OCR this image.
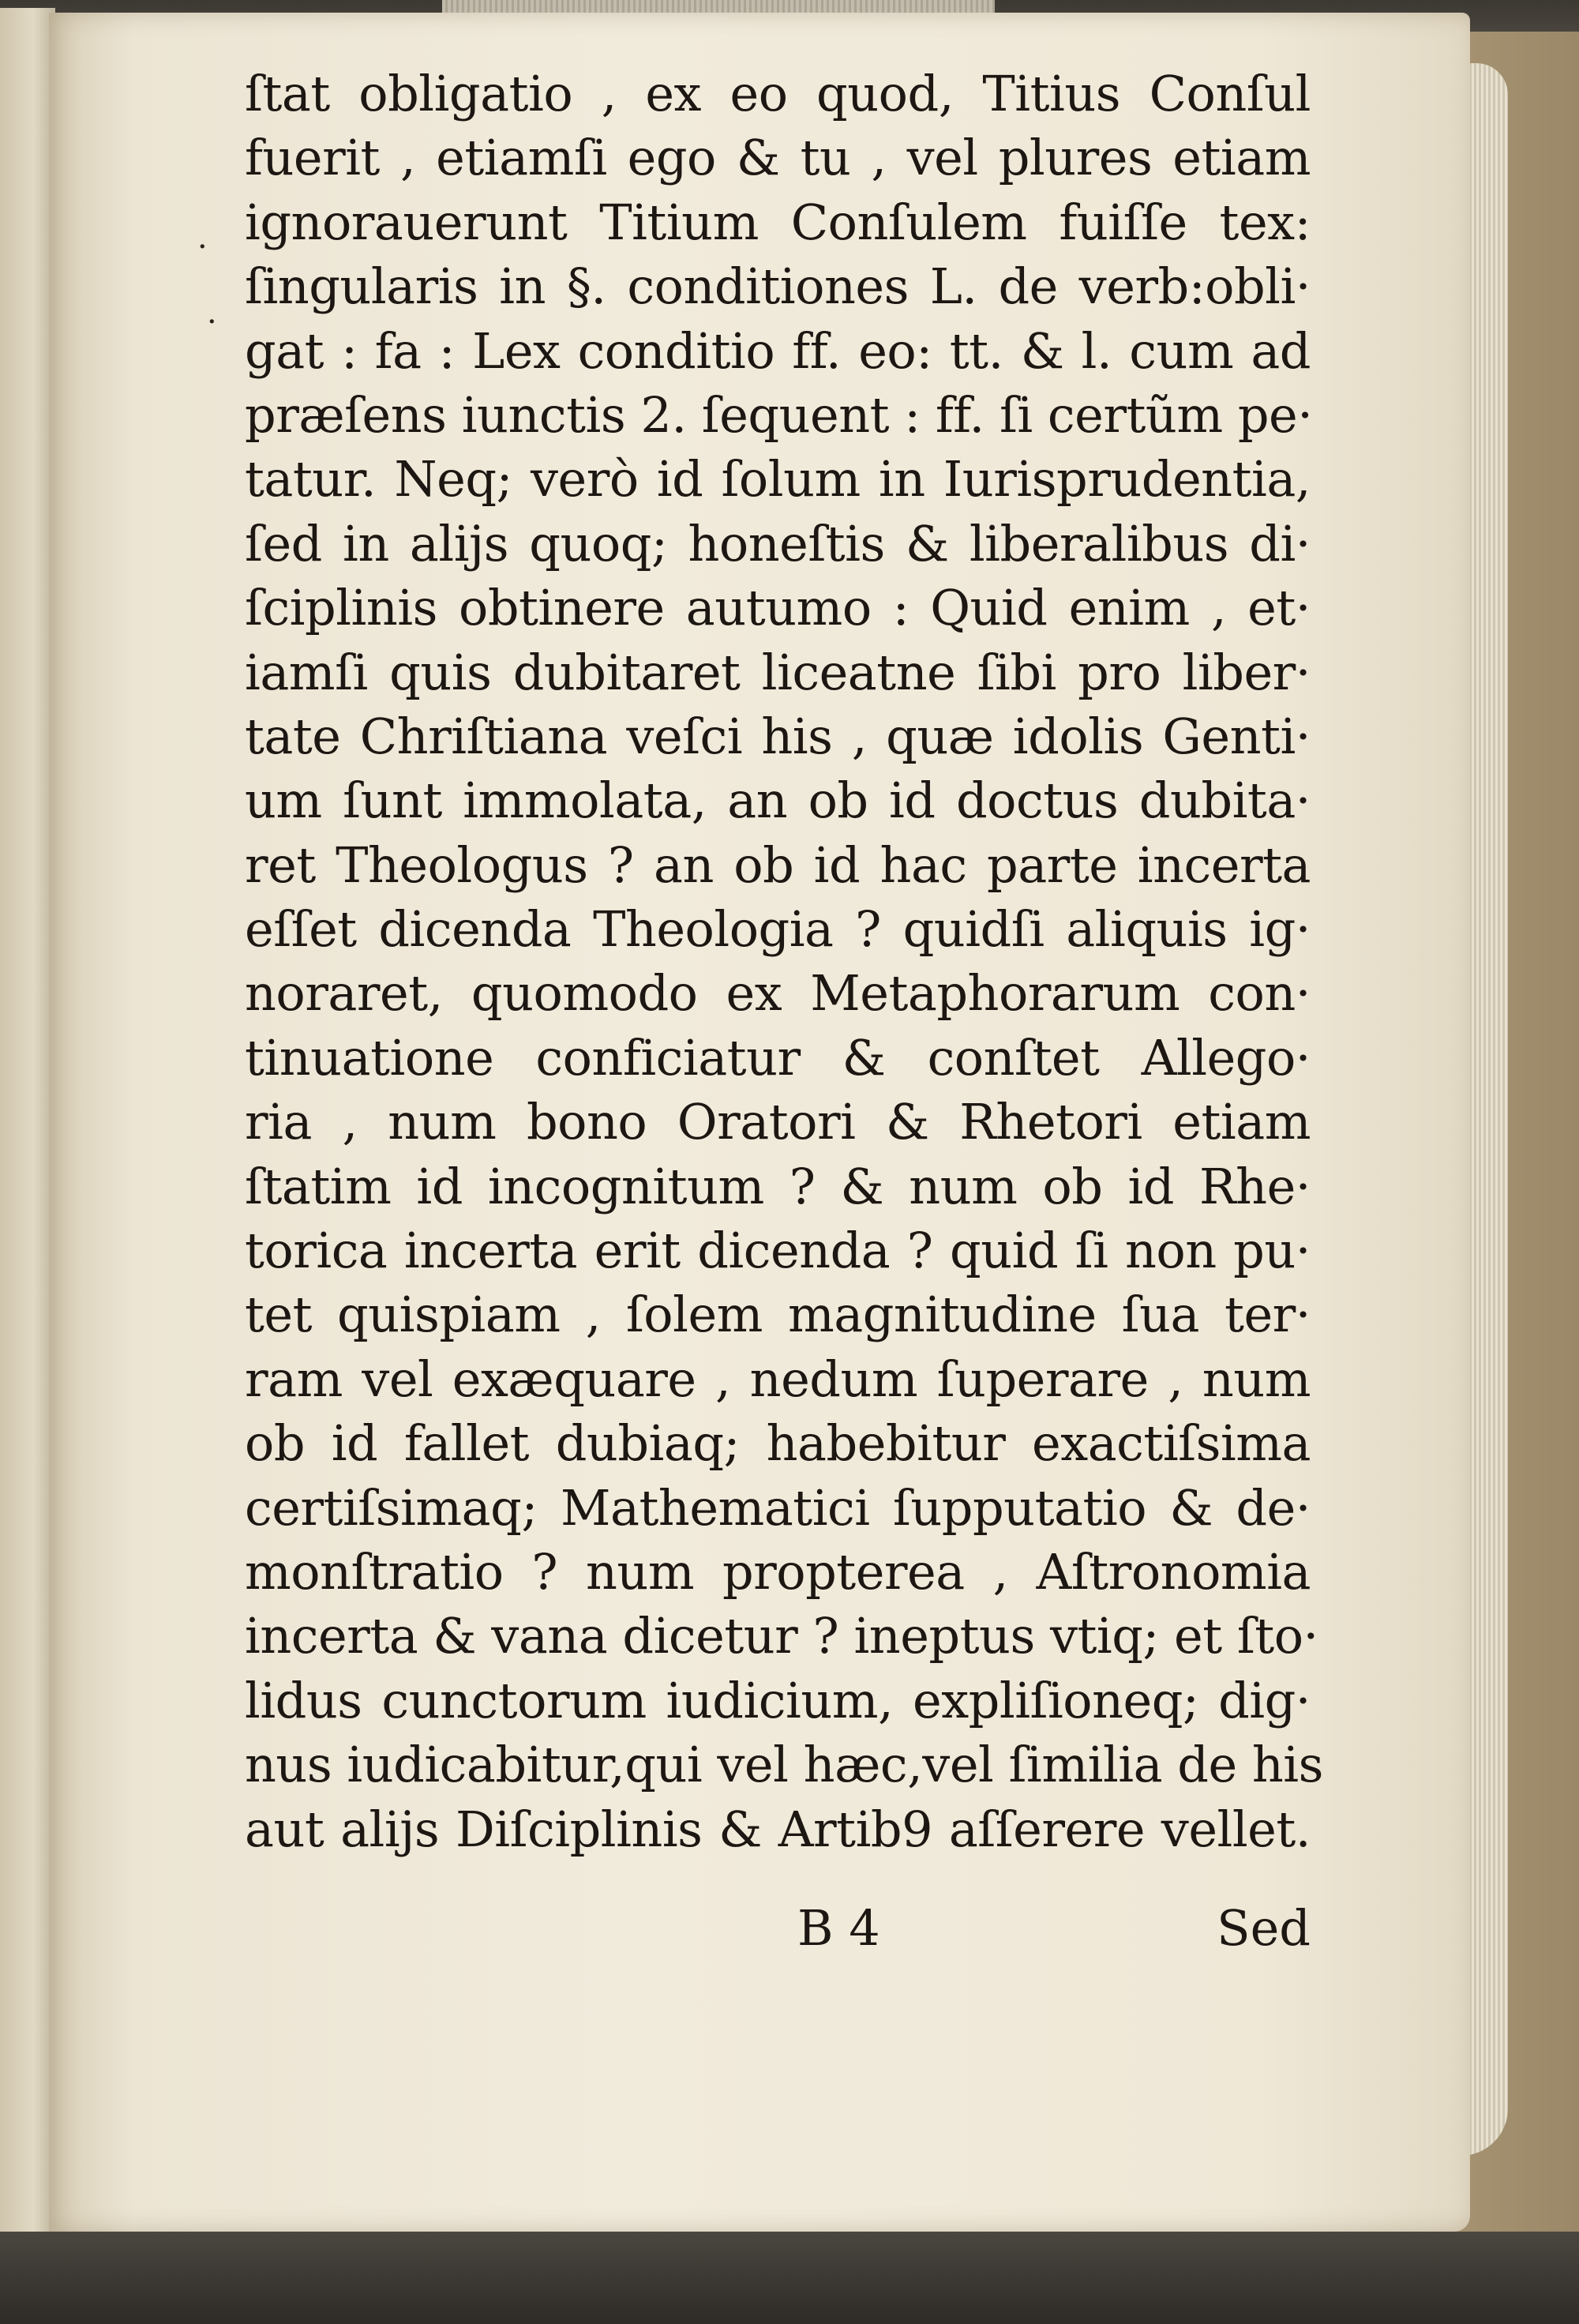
·
·
ſtat obligatio , ex eo quod, Titius Conſul
fuerit , etiamſi ego & tu , vel plures etiam
ignorauerunt Titium Conſulem fuiſſe tex:
ſingularis in §. conditiones L. de verb:obli·
gat : fa : Lex conditio ff. eo: tt. & l. cum ad
præſens iunctis 2. ſequent : ff. ſi certũm pe·
tatur. Neq; verò id ſolum in Iurisprudentia,
ſed in aliјs quoq; honeſtis & liberalibus di·
ſciplinis obtinere autumo : Quid enim , et·
iamſi quis dubitaret liceatne ſibi pro liber·
tate Chriſtiana veſci his , quæ idolis Genti·
um ſunt immolata, an ob id doctus dubita·
ret Theologus ? an ob id hac parte incerta
eſſet dicenda Theologia ? quidſi aliquis ig·
noraret, quomodo ex Metaphorarum con·
tinuatione conficiatur & conſtet Allego·
ria , num bono Oratori & Rhetori etiam
ſtatim id incognitum ? & num ob id Rhe·
torica incerta erit dicenda ? quid ſi non pu·
tet quispiam , ſolem magnitudine ſua ter·
ram vel exæquare , nedum ſuperare , num
ob id fallet dubiaq; habebitur exactiſsima
certiſsimaq; Mathematici ſupputatio & de·
monſtratio ? num propterea , Aſtronomia
incerta & vana dicetur ? ineptus vtiq; et ſto·
lidus cunctorum iudicium, expliſioneq; dig·
nus iudicabitur,qui vel hæc,vel ſimilia de his
aut aliјs Diſciplinis & Artib9 aſſerere vellet.
B 4	Sed
